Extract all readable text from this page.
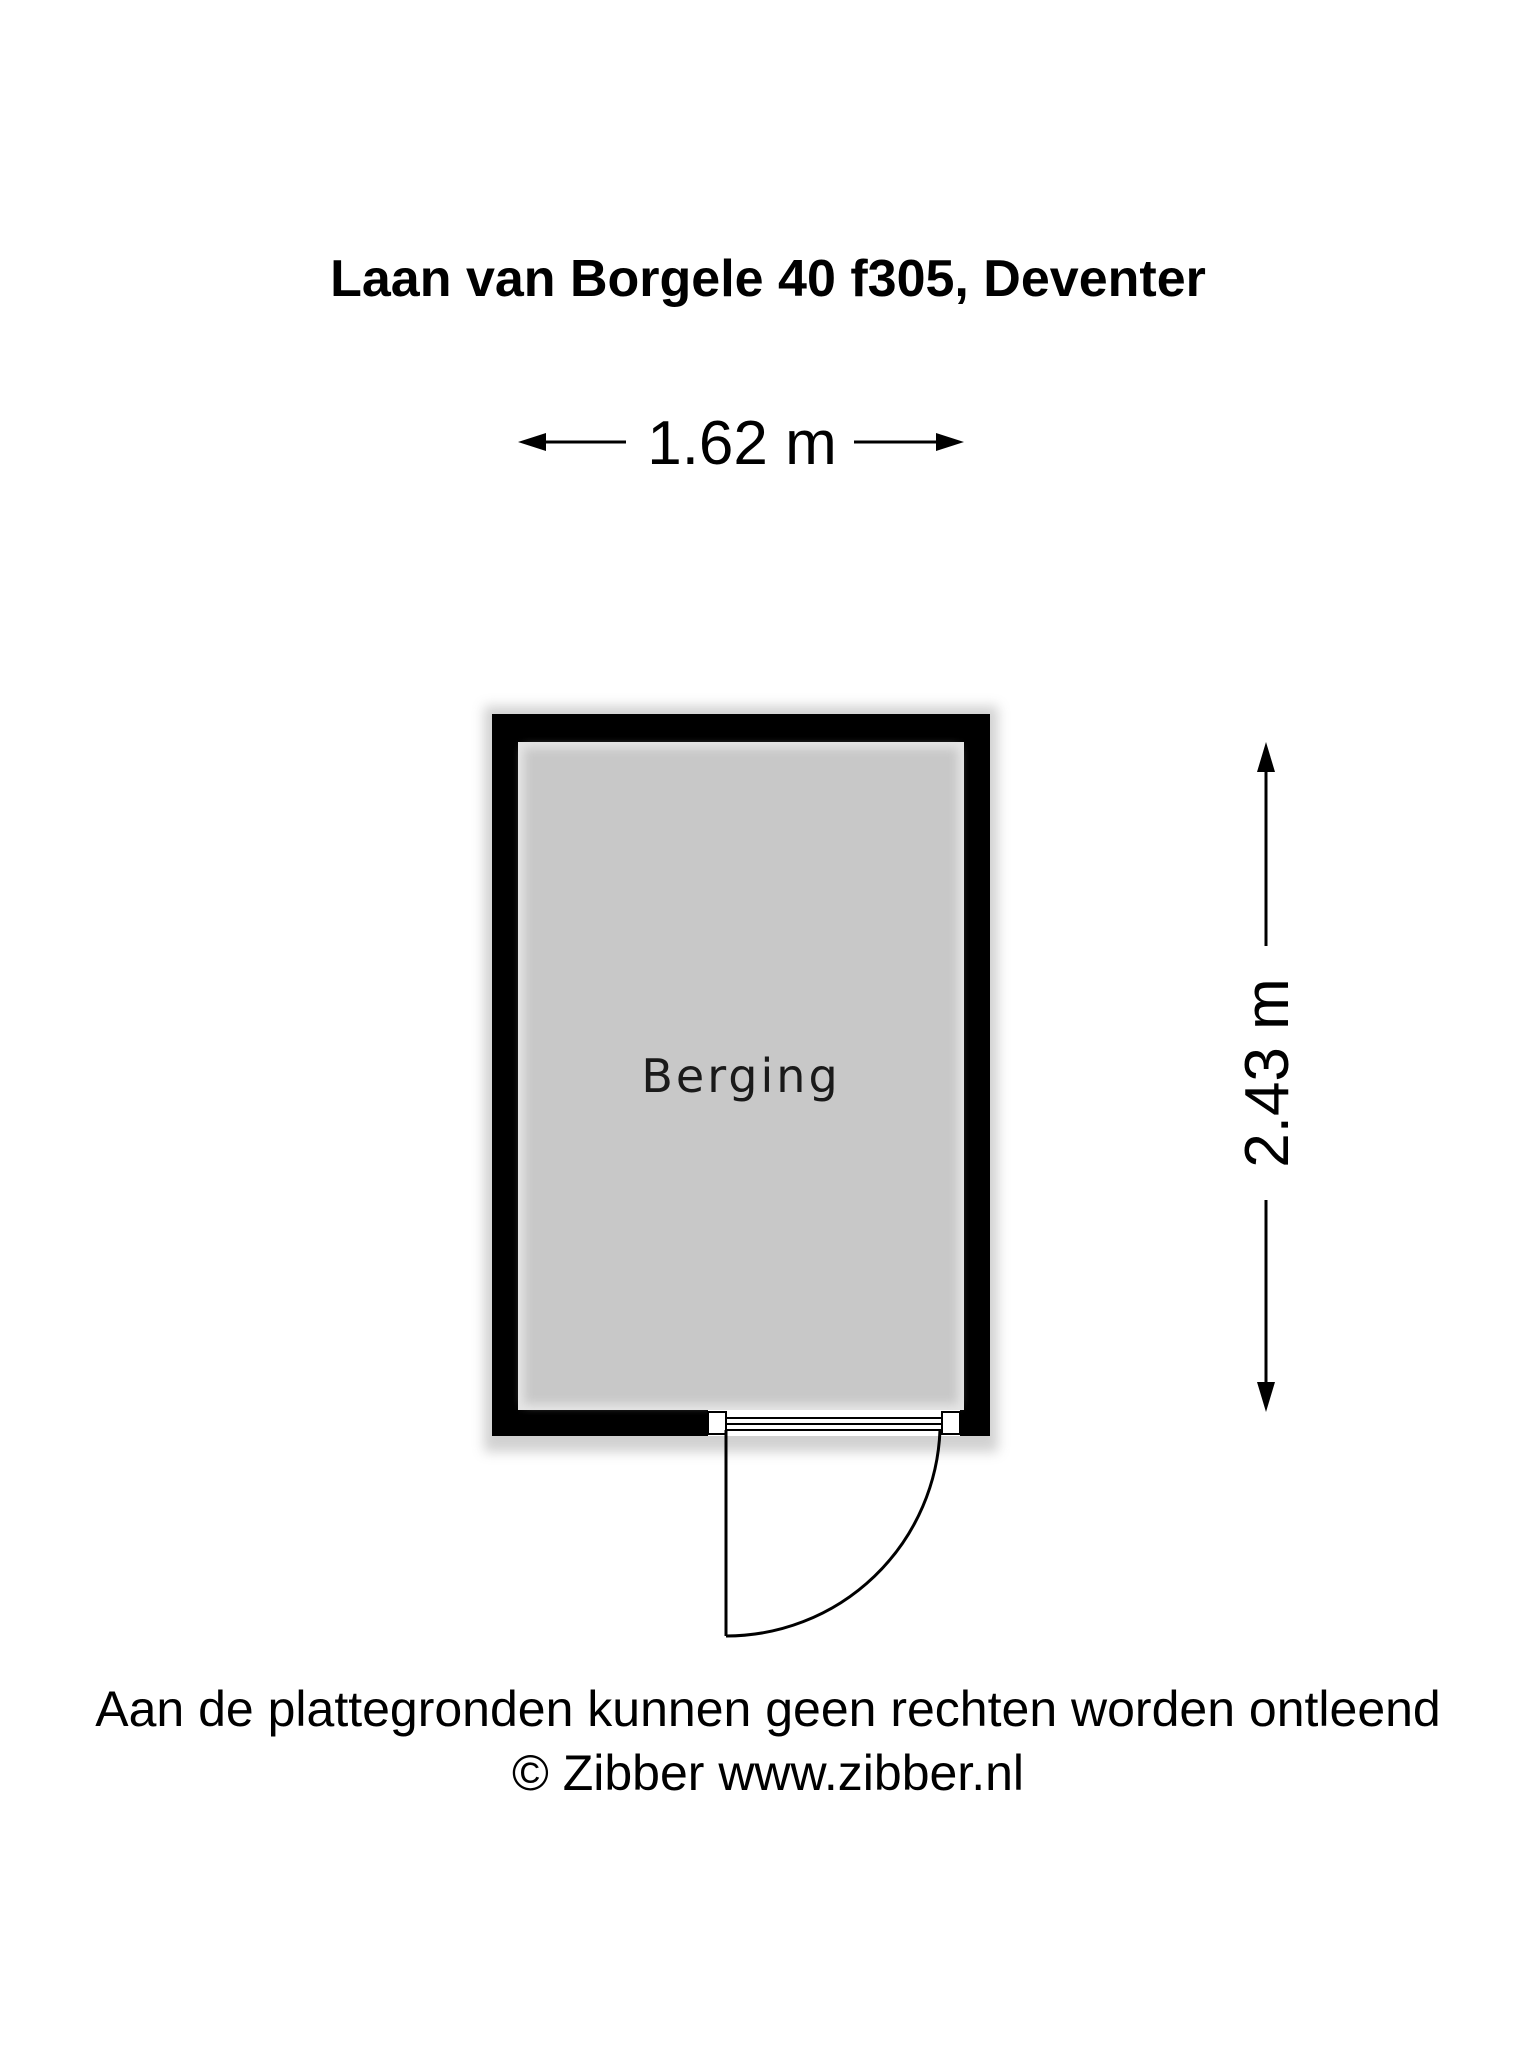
Laan van Borgele 40 f305, Deventer
1.62 m
2.43 m
Berging
Aan de plattegronden kunnen geen rechten worden ontleend
© Zibber www.zibber.nl
